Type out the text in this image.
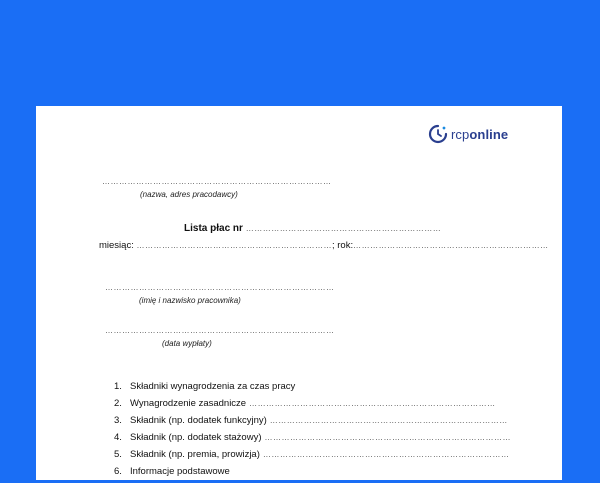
rcponline
………………………………………………………………………
(nazwa, adres pracodawcy)
Lista płac nr ……………………………………………………………
miesiąc: ……………………………………………………………; rok:……………………………………………………………
………………………………………………………………………
(imię i nazwisko pracownika)
………………………………………………………………………
(data wypłaty)
1. Składniki wynagrodzenia za czas pracy
2. Wynagrodzenie zasadnicze ……………………………………………………………………………
3. Składnik (np. dodatek funkcyjny) …………………………………………………………………………
4. Składnik (np. dodatek stażowy) ……………………………………………………………………………
5. Składnik (np. premia, prowizja) ……………………………………………………………………………
6. Informacje podstawowe
